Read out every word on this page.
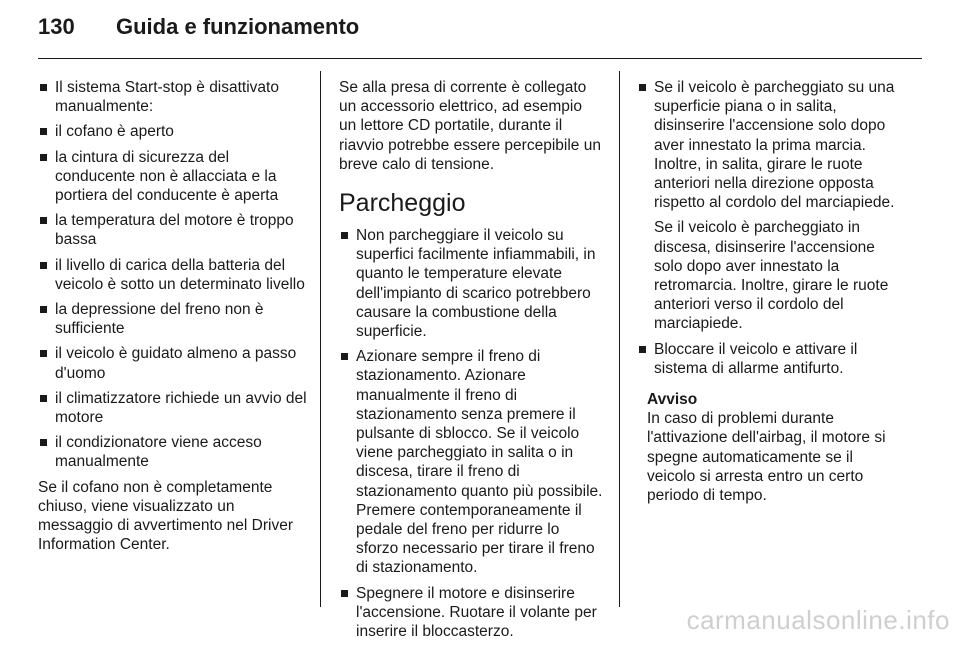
130	Guida e funzionamento
Il sistema Start-stop è disattivato manualmente:
il cofano è aperto
la cintura di sicurezza del conducente non è allacciata e la portiera del conducente è aperta
la temperatura del motore è troppo bassa
il livello di carica della batteria del veicolo è sotto un determinato livello
la depressione del freno non è sufficiente
il veicolo è guidato almeno a passo d'uomo
il climatizzatore richiede un avvio del motore
il condizionatore viene acceso manualmente

Se il cofano non è completamente chiuso, viene visualizzato un messaggio di avvertimento nel Driver Information Center.

Se alla presa di corrente è collegato un accessorio elettrico, ad esempio un lettore CD portatile, durante il riavvio potrebbe essere percepibile un breve calo di tensione.

Parcheggio
Non parcheggiare il veicolo su superfici facilmente infiammabili, in quanto le temperature elevate dell'impianto di scarico potrebbero causare la combustione della superficie.
Azionare sempre il freno di stazionamento. Azionare manualmente il freno di stazionamento senza premere il pulsante di sblocco. Se il veicolo viene parcheggiato in salita o in discesa, tirare il freno di stazionamento quanto più possibile. Premere contemporaneamente il pedale del freno per ridurre lo sforzo necessario per tirare il freno di stazionamento.
Spegnere il motore e disinserire l'accensione. Ruotare il volante per inserire il bloccasterzo.
Se il veicolo è parcheggiato su una superficie piana o in salita, disinserire l'accensione solo dopo aver innestato la prima marcia. Inoltre, in salita, girare le ruote anteriori nella direzione opposta rispetto al cordolo del marciapiede.

Se il veicolo è parcheggiato in discesa, disinserire l'accensione solo dopo aver innestato la retromarcia. Inoltre, girare le ruote anteriori verso il cordolo del marciapiede.

Bloccare il veicolo e attivare il sistema di allarme antifurto.
Avviso
In caso di problemi durante l'attivazione dell'airbag, il motore si spegne automaticamente se il veicolo si arresta entro un certo periodo di tempo.
carmanualsonline.info
